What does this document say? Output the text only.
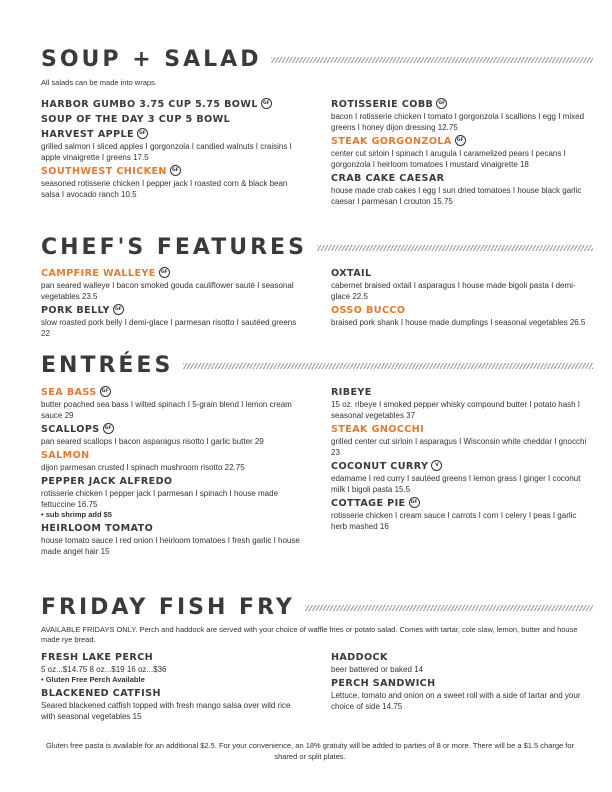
SOUP + SALAD
All salads can be made into wraps.
HARBOR GUMBO 3.75 CUP 5.75 BOWL GF
SOUP OF THE DAY 3 CUP 5 BOWL
HARVEST APPLE GF
grilled salmon I sliced apples I gorgonzola I candied walnuts I craisins I apple vinaigrette I greens 17.5
SOUTHWEST CHICKEN GF
seasoned rotisserie chicken I pepper jack I roasted corn & black bean salsa I avocado ranch 10.5
ROTISSERIE COBB GF
bacon I rotisserie chicken I tomato I gorgonzola I scallions I egg I mixed greens I honey dijon dressing 12.75
STEAK GORGONZOLA GF
center cut sirloin I spinach I arugula I caramelized pears I pecans I gorgonzola I heirloom tomatoes I mustard vinaigrette 18
CRAB CAKE CAESAR
house made crab cakes I egg I sun dried tomatoes I house black garlic caesar I parmesan I crouton 15.75
CHEF'S FEATURES
CAMPFIRE WALLEYE GF
pan seared walleye I bacon smoked gouda cauliflower sauté I seasonal vegetables 23.5
PORK BELLY GF
slow roasted pork belly I demi-glace I parmesan risotto I sautéed greens 22
OXTAIL
cabernet braised oxtail I asparagus I house made bigoli pasta I demi-glace 22.5
OSSO BUCCO
braised pork shank I house made dumplings I seasonal vegetables 26.5
ENTRÉES
SEA BASS GF
butter poached sea bass I wilted spinach I 5-grain blend I lemon cream sauce 29
SCALLOPS GF
pan seared scallops I bacon asparagus risotto I garlic butter 29
SALMON
dijon parmesan crusted I spinach mushroom risotto 22.75
PEPPER JACK ALFREDO
rotisserie chicken I pepper jack I parmesan I spinach I house made fettuccine 16.75
• sub shrimp add $5
HEIRLOOM TOMATO
house tomato sauce I red onion I heirloom tomatoes I fresh garlic I house made angel hair 15
RIBEYE
15 oz. ribeye I smoked pepper whisky compound butter I potato hash I seasonal vegetables 37
STEAK GNOCCHI
grilled center cut sirloin I asparagus I Wisconsin white cheddar I gnocchi 23
COCONUT CURRY V
edamame I red curry I sautéed greens I lemon grass I ginger I coconut milk I bigoli pasta 15.5
COTTAGE PIE GF
rotisserie chicken I cream sauce I carrots I corn I celery I peas I garlic herb mashed 16
FRIDAY FISH FRY
AVAILABLE FRIDAYS ONLY. Perch and haddock are served with your choice of waffle fries or potato salad. Comes with tartar, cole slaw, lemon, butter and house made rye bread.
FRESH LAKE PERCH
5 oz...$14.75 8 oz...$19 16 oz...$36
• Gluten Free Perch Available
BLACKENED CATFISH
Seared blackened catfish topped with fresh mango salsa over wild rice with seasonal vegetables 15
HADDOCK
beer battered or baked 14
PERCH SANDWICH
Lettuce, tomato and onion on a sweet roll with a side of tartar and your choice of side 14.75
Gluten free pasta is available for an additional $2.5. For your convenience, an 18% gratuity will be added to parties of 8 or more. There will be a $1.5 charge for shared or split plates.
